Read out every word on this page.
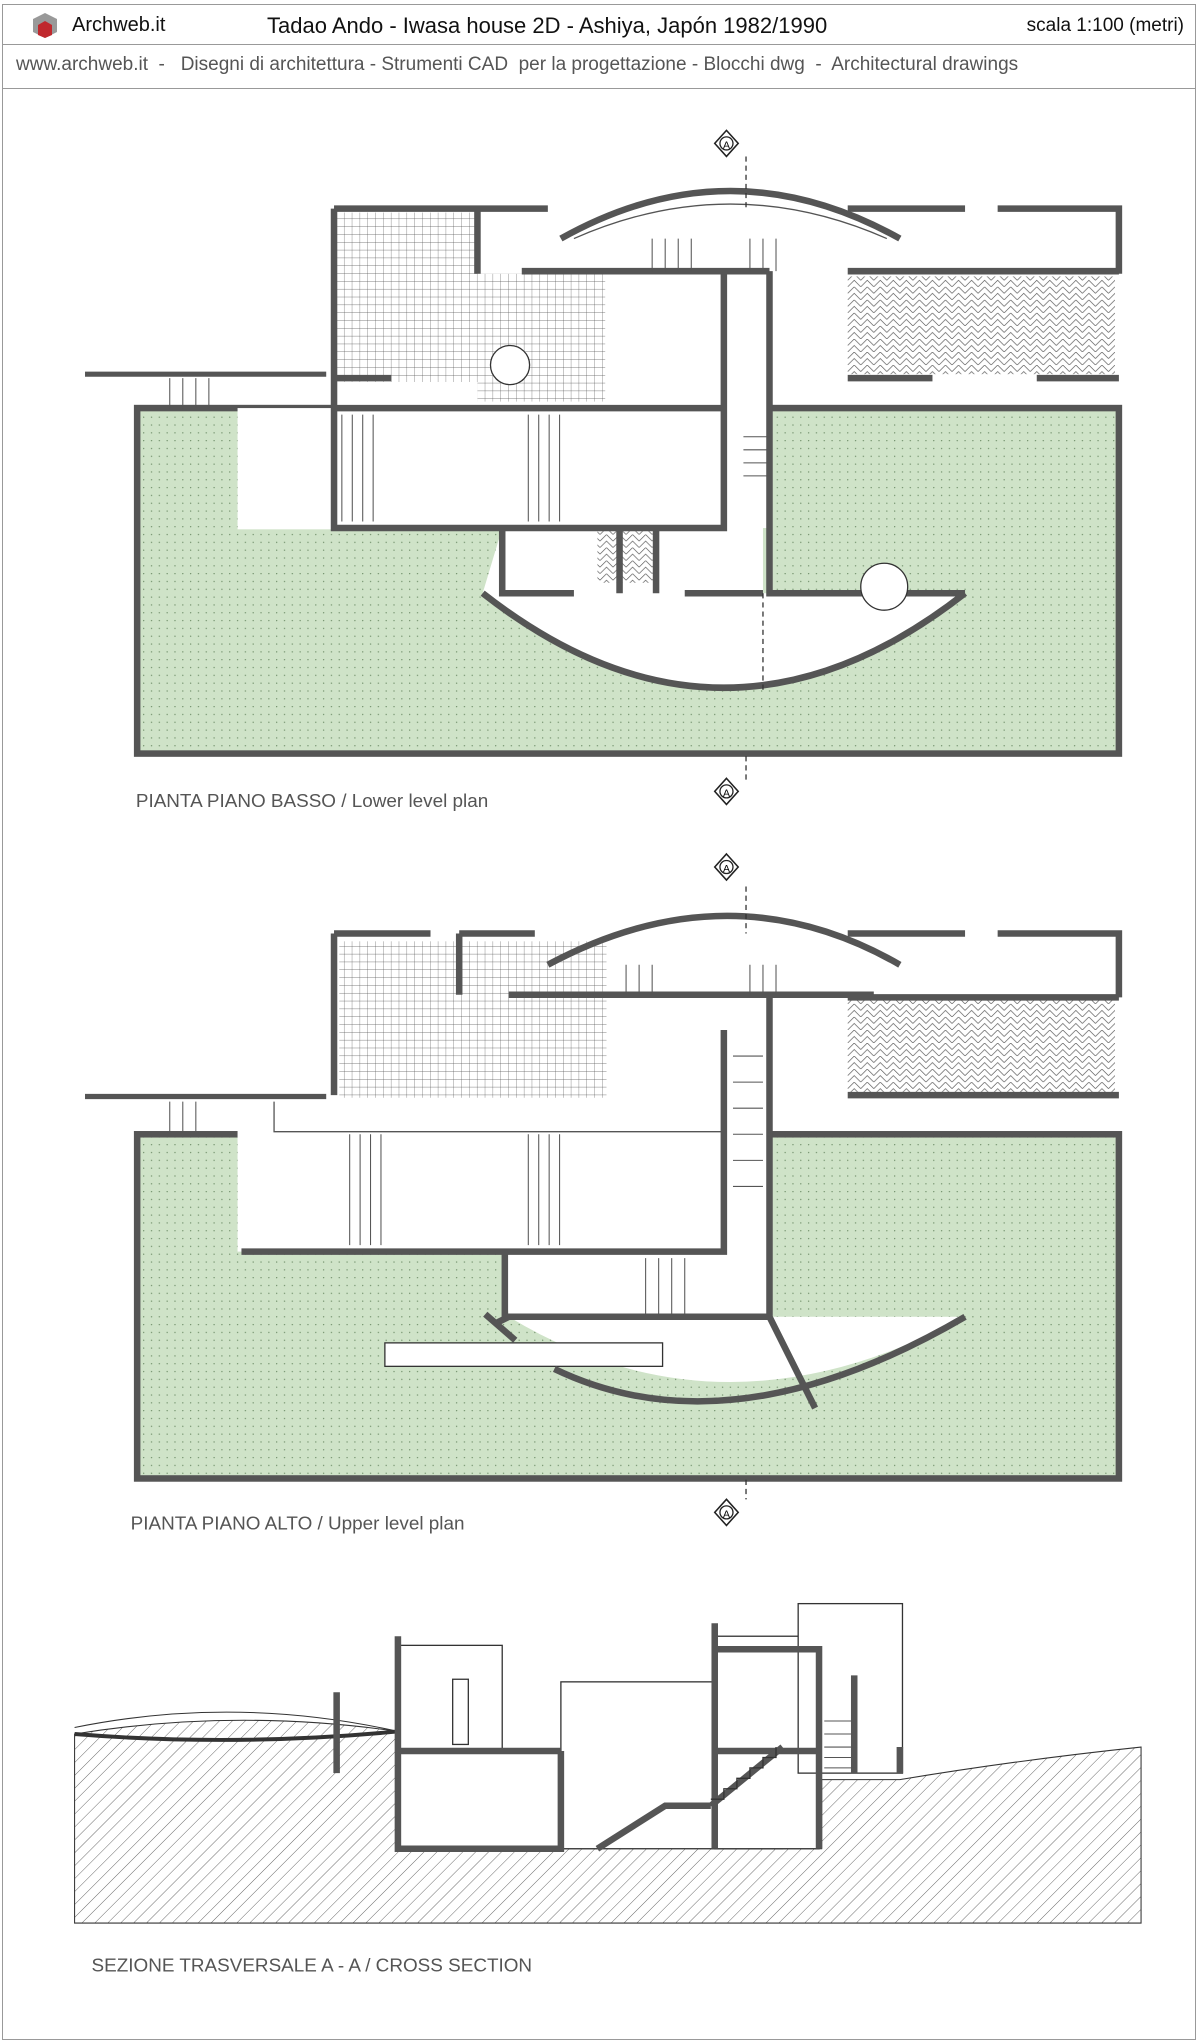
Archweb.it	Tadao Ando - Iwasa house 2D - Ashiya, Japón 1982/1990	scala 1:100 (metri)
www.archweb.it  -   Disegni di architettura - Strumenti CAD  per la progettazione - Blocchi dwg  -  Architectural drawings
A
A
PIANTA PIANO BASSO / Lower level plan
A
A
PIANTA PIANO ALTO / Upper level plan
SEZIONE TRASVERSALE A - A / CROSS SECTION
